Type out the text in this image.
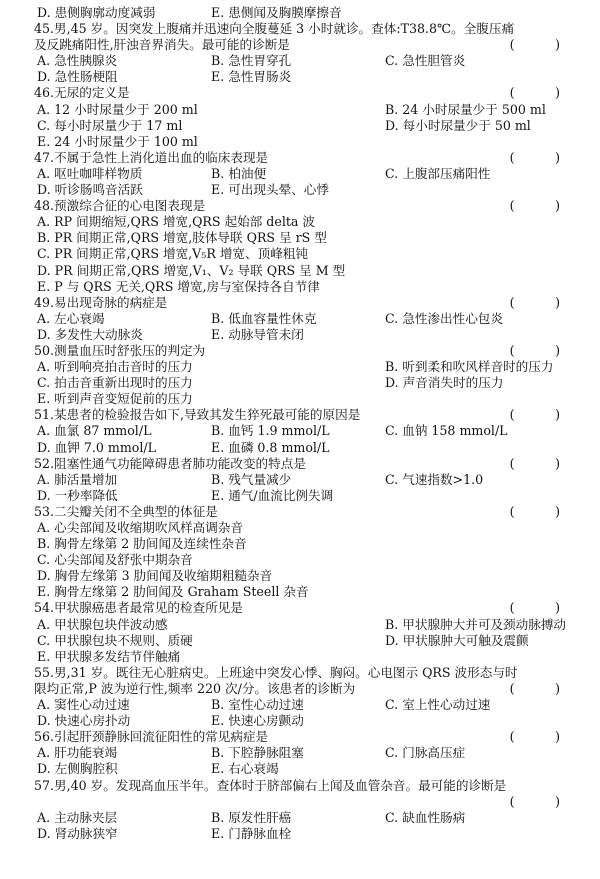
D. 患侧胸廓动度减弱	E. 患侧闻及胸膜摩擦音
45.男,45 岁。因突发上腹痛并迅速向全腹蔓延 3 小时就诊。查体:T38.8℃。全腹压痛及反跳痛阳性,肝浊音界消失。最可能的诊断是	(　)
A. 急性胰腺炎	B. 急性胃穿孔	C. 急性胆管炎
D. 急性肠梗阻	E. 急性胃肠炎
46.无尿的定义是	(　)
A. 12 小时尿量少于 200 ml	B. 24 小时尿量少于 500 ml
C. 每小时尿量少于 17 ml	D. 每小时尿量少于 50 ml
E. 24 小时尿量少于 100 ml
47.不属于急性上消化道出血的临床表现是	(　)
A. 呕吐咖啡样物质	B. 柏油便	C. 上腹部压痛阳性
D. 听诊肠鸣音活跃	E. 可出现头晕、心悸
48.预激综合征的心电图表现是	(　)
A. RP 间期缩短,QRS 增宽,QRS 起始部 delta 波
B. PR 间期正常,QRS 增宽,肢体导联 QRS 呈 rS 型
C. PR 间期正常,QRS 增宽,V₅R 增宽、顶峰粗钝
D. PR 间期正常,QRS 增宽,V₁、V₂ 导联 QRS 呈 M 型
E. P 与 QRS 无关,QRS 增宽,房与室保持各自节律
49.易出现奇脉的病症是	(　)
A. 左心衰竭	B. 低血容量性休克	C. 急性渗出性心包炎
D. 多发性大动脉炎	E. 动脉导管未闭
50.测量血压时舒张压的判定为	(　)
A. 听到响亮拍击音时的压力	B. 听到柔和吹风样音时的压力
C. 拍击音重新出现时的压力	D. 声音消失时的压力
E. 听到声音变短促前的压力
51.某患者的检验报告如下,导致其发生猝死最可能的原因是	(　)
A. 血氯 87 mmol/L	B. 血钙 1.9 mmol/L	C. 血钠 158 mmol/L
D. 血钾 7.0 mmol/L	E. 血磷 0.8 mmol/L
52.阻塞性通气功能障碍患者肺功能改变的特点是	(　)
A. 肺活量增加	B. 残气量减少	C. 气速指数>1.0
D. 一秒率降低	E. 通气/血流比例失调
53.二尖瓣关闭不全典型的体征是	(　)
A. 心尖部闻及收缩期吹风样高调杂音
B. 胸骨左缘第 2 肋间闻及连续性杂音
C. 心尖部闻及舒张中期杂音
D. 胸骨左缘第 3 肋间闻及收缩期粗糙杂音
E. 胸骨左缘第 2 肋间闻及 Graham Steell 杂音
54.甲状腺癌患者最常见的检查所见是	(　)
A. 甲状腺包块伴波动感	B. 甲状腺肿大并可及颈动脉搏动
C. 甲状腺包块不规则、质硬	D. 甲状腺肿大可触及震颤
E. 甲状腺多发结节伴触痛
55.男,31 岁。既往无心脏病史。上班途中突发心悸、胸闷。心电图示 QRS 波形态与时限均正常,P 波为逆行性,频率 220 次/分。该患者的诊断为	(　)
A. 窦性心动过速	B. 室性心动过速	C. 室上性心动过速
D. 快速心房扑动	E. 快速心房颤动
56.引起肝颈静脉回流征阳性的常见病症是	(　)
A. 肝功能衰竭	B. 下腔静脉阻塞	C. 门脉高压症
D. 左侧胸腔积	E. 右心衰竭
57.男,40 岁。发现高血压半年。查体时于脐部偏右上闻及血管杂音。最可能的诊断是
(　)
A. 主动脉夹层	B. 原发性肝癌	C. 缺血性肠病
D. 肾动脉狭窄	E. 门静脉血栓
